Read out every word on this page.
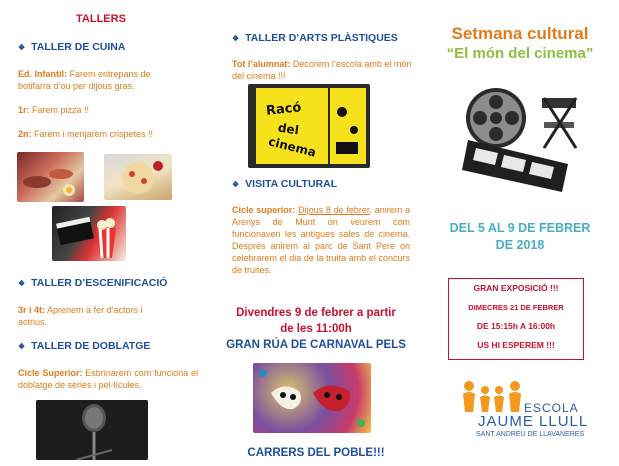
TALLERS
❖ TALLER DE CUINA
Ed. Infantil: Farem entrepans de botifarra d’ou per dijous gras.
1r: Farem pizza !!
2n: Farem i menjarem crispetes !!
❖ TALLER D’ESCENIFICACIÓ
3r i 4t: Aprenem a fer d’actors i actrius.
❖ TALLER DE DOBLATGE
Cicle Superior: Esbrinarem com funciona el doblatge de sèries i pel·lícules.
❖ TALLER D’ARTS PLÀSTIQUES
Tot l’alumnat: Decorem l’escola amb el món del cinema !!!
Racó
del
cinema
❖ VISITA CULTURAL
Cicle superior: Dijous 8 de febrer, anirem a Arenys de Munt on veurem com funcionaven les antigues sales de cinema. Després anirem al parc de Sant Pere on celebrarem el dia de la truita amb el concurs de truites.
Divendres 9 de febrer a partir
de les 11:00h
GRAN RÚA DE CARNAVAL PELS
CARRERS DEL POBLE!!!
Setmana cultural
“El món del cinema”
DEL 5 AL 9 DE FEBRER
DE 2018
GRAN EXPOSICIÓ !!!
DIMECRES 21 DE FEBRER
DE 15:15h A 16:00h
US HI ESPEREM !!!
ESCOLA
JAUME LLULL
SANT ANDREU DE LLAVANERES
